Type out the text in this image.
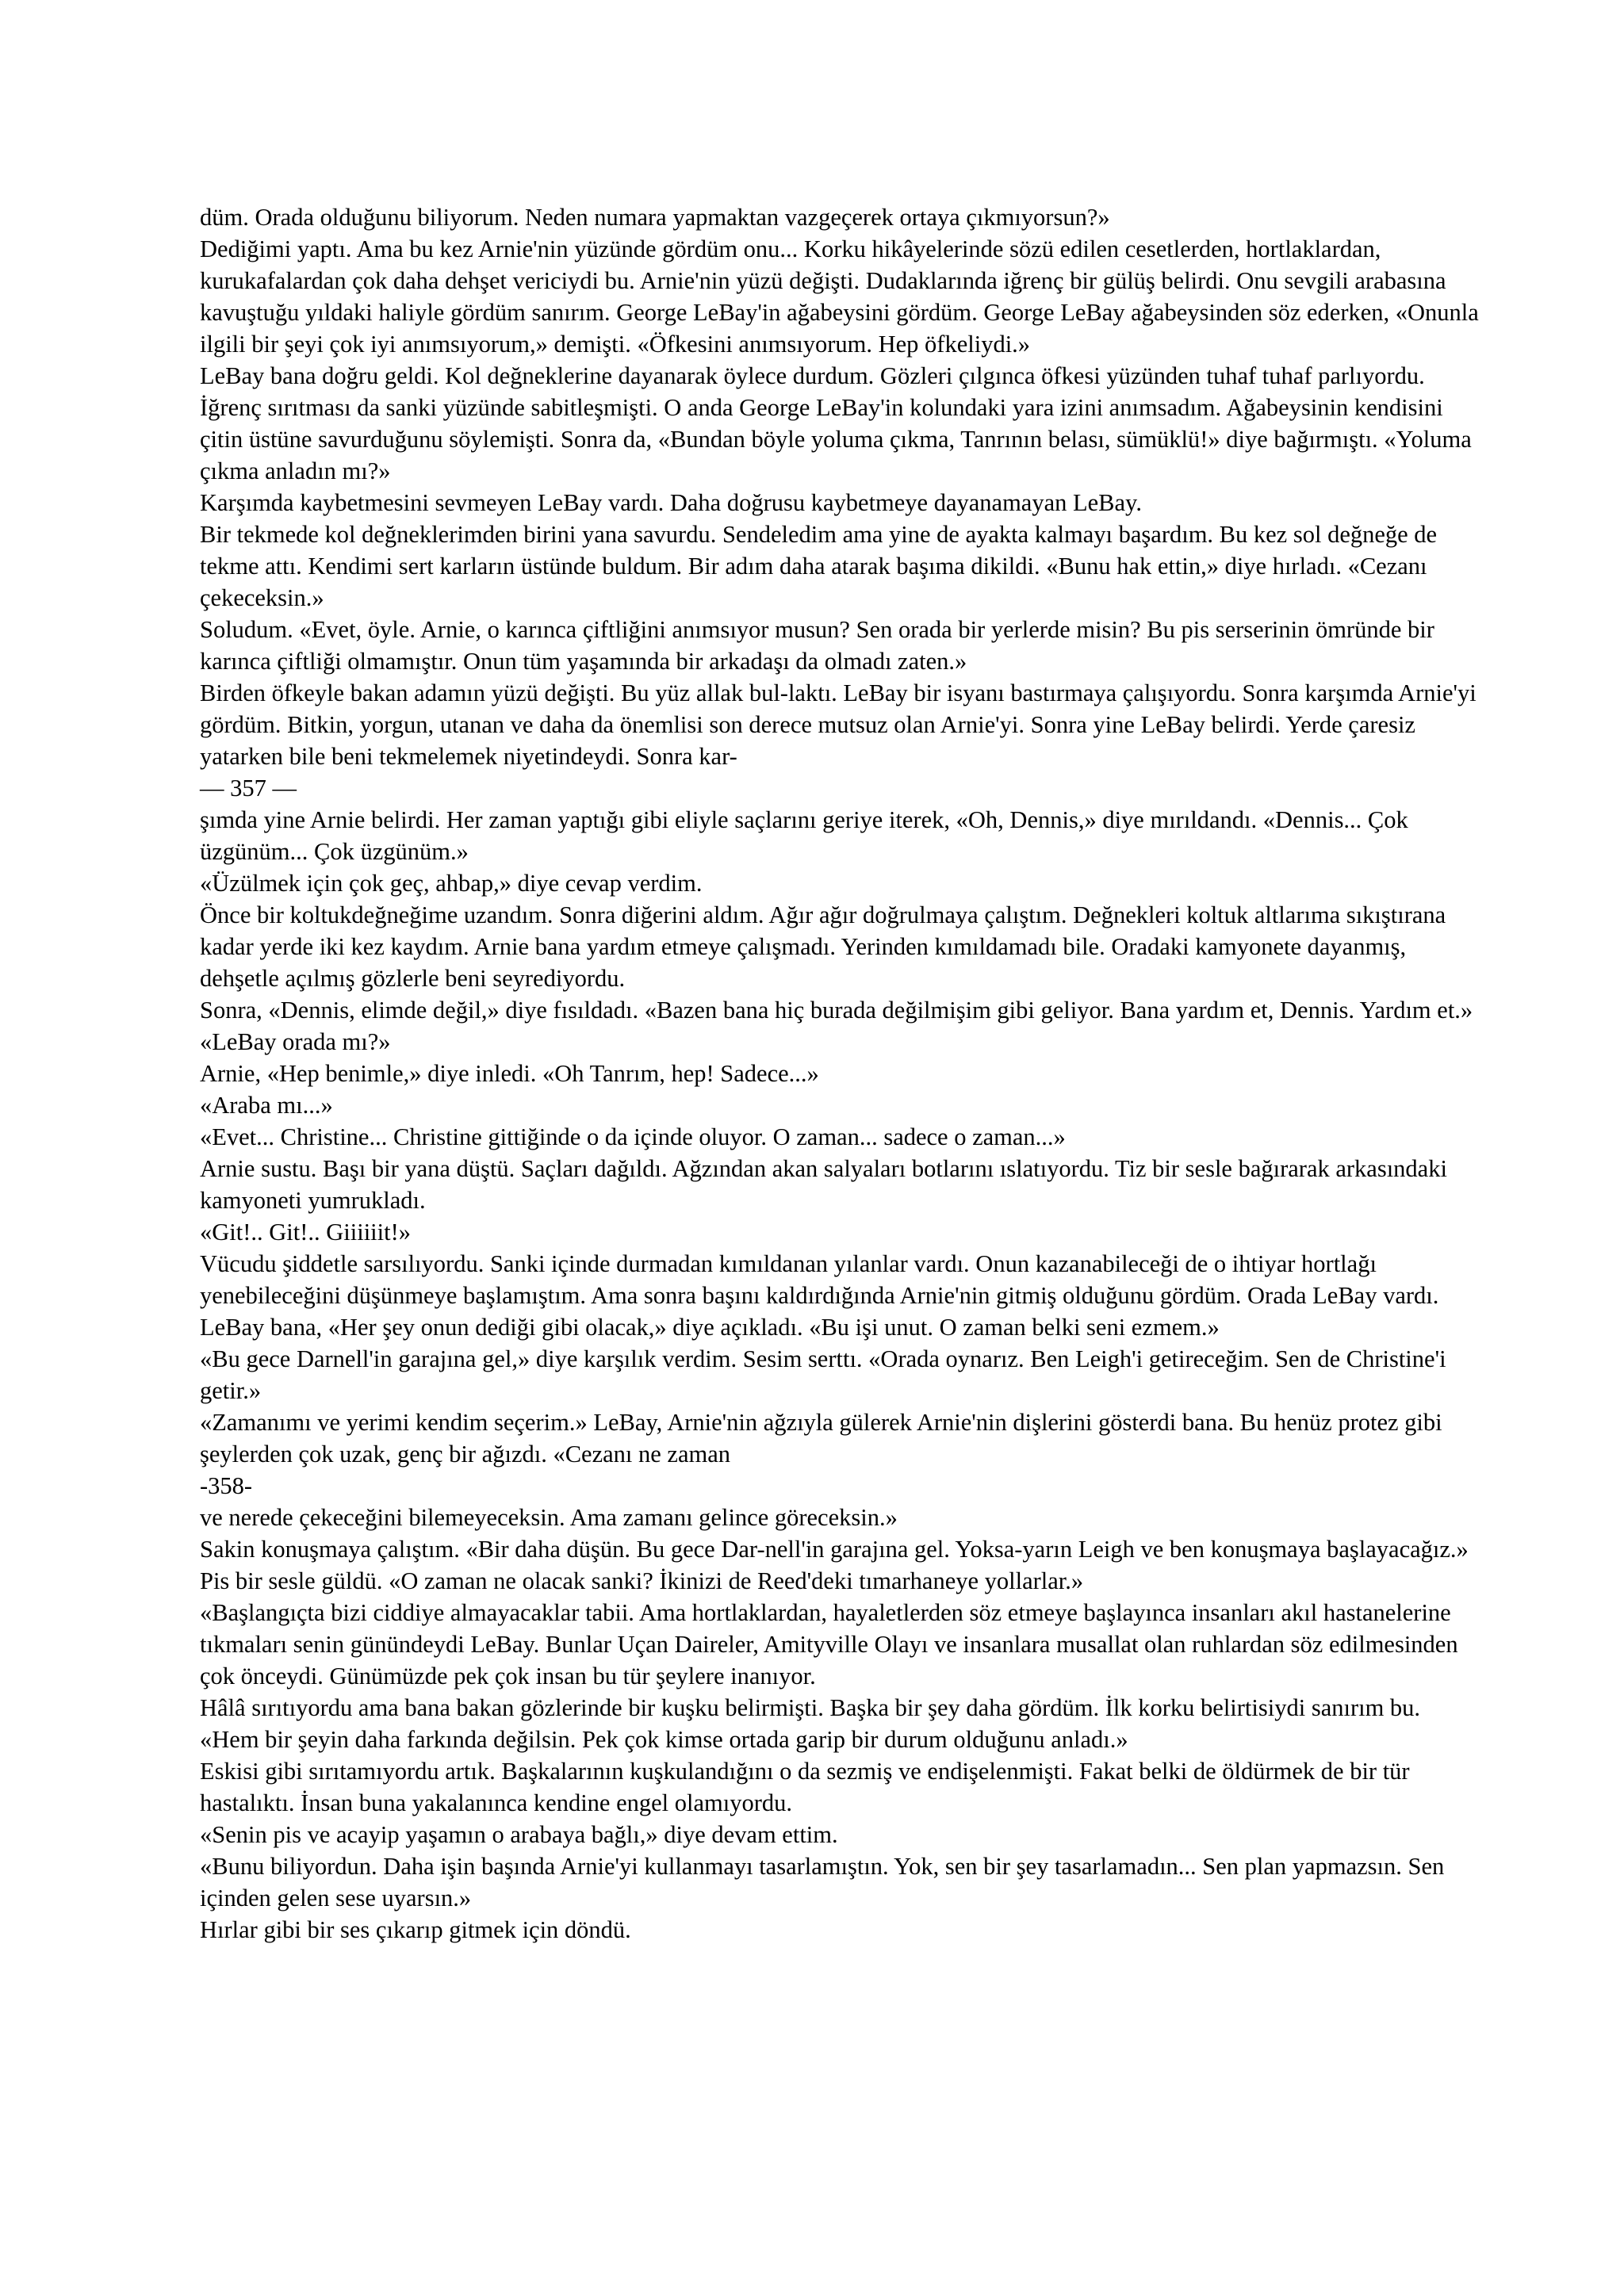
düm. Orada olduğunu biliyorum. Neden numara yapmaktan vazgeçerek ortaya çıkmıyorsun?»

Dediğimi yaptı. Ama bu kez Arnie'nin yüzünde gördüm onu... Korku hikâyelerinde sözü edilen cesetlerden, hortlaklardan, kurukafalardan çok daha dehşet vericiydi bu. Arnie'nin yüzü değişti. Dudaklarında iğrenç bir gülüş belirdi. Onu sevgili arabasına kavuştuğu yıldaki haliyle gördüm sanırım. George LeBay'in ağabeysini gördüm. George LeBay ağabeysinden söz ederken, «Onunla ilgili bir şeyi çok iyi anımsıyorum,» demişti. «Öfkesini anımsıyorum. Hep öfkeliydi.»

LeBay bana doğru geldi. Kol değneklerine dayanarak öylece durdum. Gözleri çılgınca öfkesi yüzünden tuhaf tuhaf parlıyordu. İğrenç sırıtması da sanki yüzünde sabitleşmişti. O anda George LeBay'in kolundaki yara izini anımsadım. Ağabeysinin kendisini çitin üstüne savurduğunu söylemişti. Sonra da, «Bundan böyle yoluma çıkma, Tanrının belası, sümüklü!» diye bağırmıştı. «Yoluma çıkma anladın mı?»

Karşımda kaybetmesini sevmeyen LeBay vardı. Daha doğrusu kaybetmeye dayanamayan LeBay.

Bir tekmede kol değneklerimden birini yana savurdu. Sendeledim ama yine de ayakta kalmayı başardım. Bu kez sol değneğe de tekme attı. Kendimi sert karların üstünde buldum. Bir adım daha atarak başıma dikildi. «Bunu hak ettin,» diye hırladı. «Cezanı çekeceksin.»

Soludum. «Evet, öyle. Arnie, o karınca çiftliğini anımsıyor musun? Sen orada bir yerlerde misin? Bu pis serserinin ömründe bir karınca çiftliği olmamıştır. Onun tüm yaşamında bir arkadaşı da olmadı zaten.»

Birden öfkeyle bakan adamın yüzü değişti. Bu yüz allak bul-laktı. LeBay bir isyanı bastırmaya çalışıyordu. Sonra karşımda Arnie'yi gördüm. Bitkin, yorgun, utanan ve daha da önemlisi son derece mutsuz olan Arnie'yi. Sonra yine LeBay belirdi. Yerde çaresiz yatarken bile beni tekmelemek niyetindeydi. Sonra kar-

— 357 —

şımda yine Arnie belirdi. Her zaman yaptığı gibi eliyle saçlarını geriye iterek, «Oh, Dennis,» diye mırıldandı. «Dennis... Çok üzgünüm... Çok üzgünüm.»

«Üzülmek için çok geç, ahbap,» diye cevap verdim.

Önce bir koltukdeğneğime uzandım. Sonra diğerini aldım. Ağır ağır doğrulmaya çalıştım. Değnekleri koltuk altlarıma sıkıştırana kadar yerde iki kez kaydım. Arnie bana yardım etmeye çalışmadı. Yerinden kımıldamadı bile. Oradaki kamyonete dayanmış, dehşetle açılmış gözlerle beni seyrediyordu.

Sonra, «Dennis, elimde değil,» diye fısıldadı. «Bazen bana hiç burada değilmişim gibi geliyor. Bana yardım et, Dennis. Yardım et.»

«LeBay orada mı?»

Arnie, «Hep benimle,» diye inledi. «Oh Tanrım, hep! Sadece...»

«Araba mı...»

«Evet... Christine... Christine gittiğinde o da içinde oluyor. O zaman... sadece o zaman...»

Arnie sustu. Başı bir yana düştü. Saçları dağıldı. Ağzından akan salyaları botlarını ıslatıyordu. Tiz bir sesle bağırarak arkasındaki kamyoneti yumrukladı.

«Git!.. Git!.. Giiiiiit!»

Vücudu şiddetle sarsılıyordu. Sanki içinde durmadan kımıldanan yılanlar vardı. Onun kazanabileceği de o ihtiyar hortlağı yenebileceğini düşünmeye başlamıştım. Ama sonra başını kaldırdığında Arnie'nin gitmiş olduğunu gördüm. Orada LeBay vardı.

LeBay bana, «Her şey onun dediği gibi olacak,» diye açıkladı. «Bu işi unut. O zaman belki seni ezmem.»

«Bu gece Darnell'in garajına gel,» diye karşılık verdim. Sesim serttı. «Orada oynarız. Ben Leigh'i getireceğim. Sen de Christine'i getir.»

«Zamanımı ve yerimi kendim seçerim.» LeBay, Arnie'nin ağzıyla gülerek Arnie'nin dişlerini gösterdi bana. Bu henüz protez gibi şeylerden çok uzak, genç bir ağızdı. «Cezanı ne zaman

-358-

ve nerede çekeceğini bilemeyeceksin. Ama zamanı gelince göreceksin.»

Sakin konuşmaya çalıştım. «Bir daha düşün. Bu gece Dar-nell'in garajına gel. Yoksa-yarın Leigh ve ben konuşmaya başlayacağız.»

Pis bir sesle güldü. «O zaman ne olacak sanki? İkinizi de Reed'deki tımarhaneye yollarlar.»

«Başlangıçta bizi ciddiye almayacaklar tabii. Ama hortlaklardan, hayaletlerden söz etmeye başlayınca insanları akıl hastanelerine tıkmaları senin günündeydi LeBay. Bunlar Uçan Daireler, Amityville Olayı ve insanlara musallat olan ruhlardan söz edilmesinden çok önceydi. Günümüzde pek çok insan bu tür şeylere inanıyor.

Hâlâ sırıtıyordu ama bana bakan gözlerinde bir kuşku belirmişti. Başka bir şey daha gördüm. İlk korku belirtisiydi sanırım bu.

«Hem bir şeyin daha farkında değilsin. Pek çok kimse ortada garip bir durum olduğunu anladı.»

Eskisi gibi sırıtamıyordu artık. Başkalarının kuşkulandığını o da sezmiş ve endişelenmişti. Fakat belki de öldürmek de bir tür hastalıktı. İnsan buna yakalanınca kendine engel olamıyordu.

«Senin pis ve acayip yaşamın o arabaya bağlı,» diye devam ettim.

«Bunu biliyordun. Daha işin başında Arnie'yi kullanmayı tasarlamıştın. Yok, sen bir şey tasarlamadın... Sen plan yapmazsın. Sen içinden gelen sese uyarsın.»

Hırlar gibi bir ses çıkarıp gitmek için döndü.
